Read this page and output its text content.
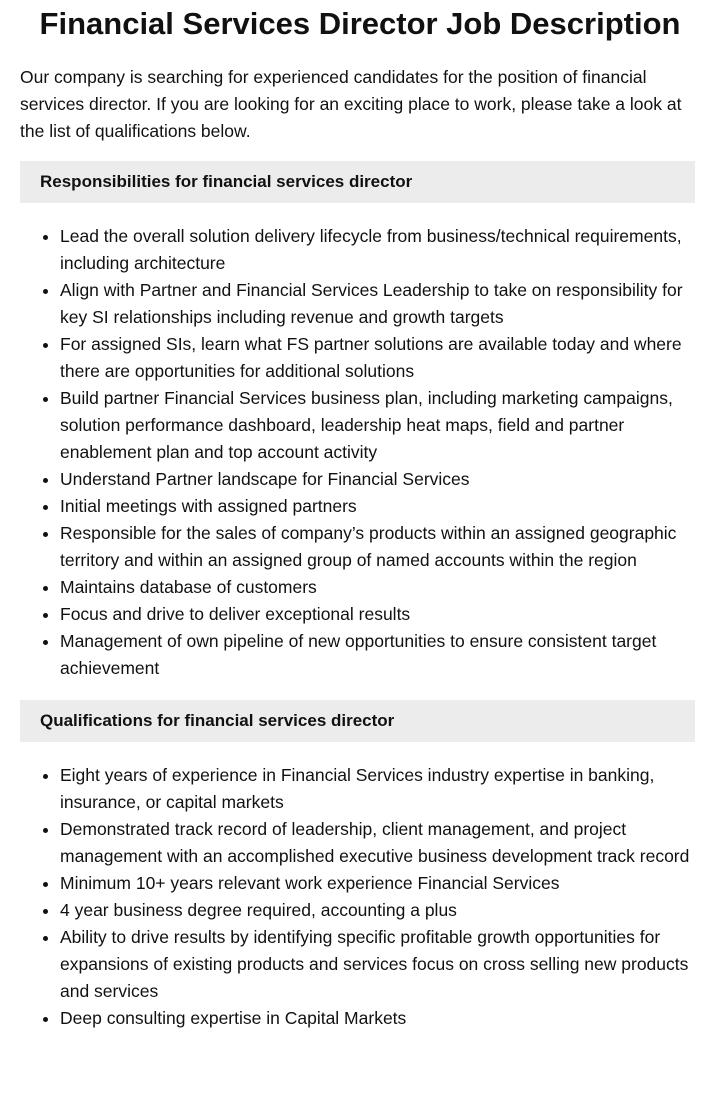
Financial Services Director Job Description

Our company is searching for experienced candidates for the position of financial services director. If you are looking for an exciting place to work, please take a look at the list of qualifications below.

Responsibilities for financial services director
• Lead the overall solution delivery lifecycle from business/technical requirements, including architecture
• Align with Partner and Financial Services Leadership to take on responsibility for key SI relationships including revenue and growth targets
• For assigned SIs, learn what FS partner solutions are available today and where there are opportunities for additional solutions
• Build partner Financial Services business plan, including marketing campaigns, solution performance dashboard, leadership heat maps, field and partner enablement plan and top account activity
• Understand Partner landscape for Financial Services
• Initial meetings with assigned partners
• Responsible for the sales of company’s products within an assigned geographic territory and within an assigned group of named accounts within the region
• Maintains database of customers
• Focus and drive to deliver exceptional results
• Management of own pipeline of new opportunities to ensure consistent target achievement
Qualifications for financial services director
• Eight years of experience in Financial Services industry expertise in banking, insurance, or capital markets
• Demonstrated track record of leadership, client management, and project management with an accomplished executive business development track record
• Minimum 10+ years relevant work experience Financial Services
• 4 year business degree required, accounting a plus
• Ability to drive results by identifying specific profitable growth opportunities for expansions of existing products and services focus on cross selling new products and services
• Deep consulting expertise in Capital Markets
